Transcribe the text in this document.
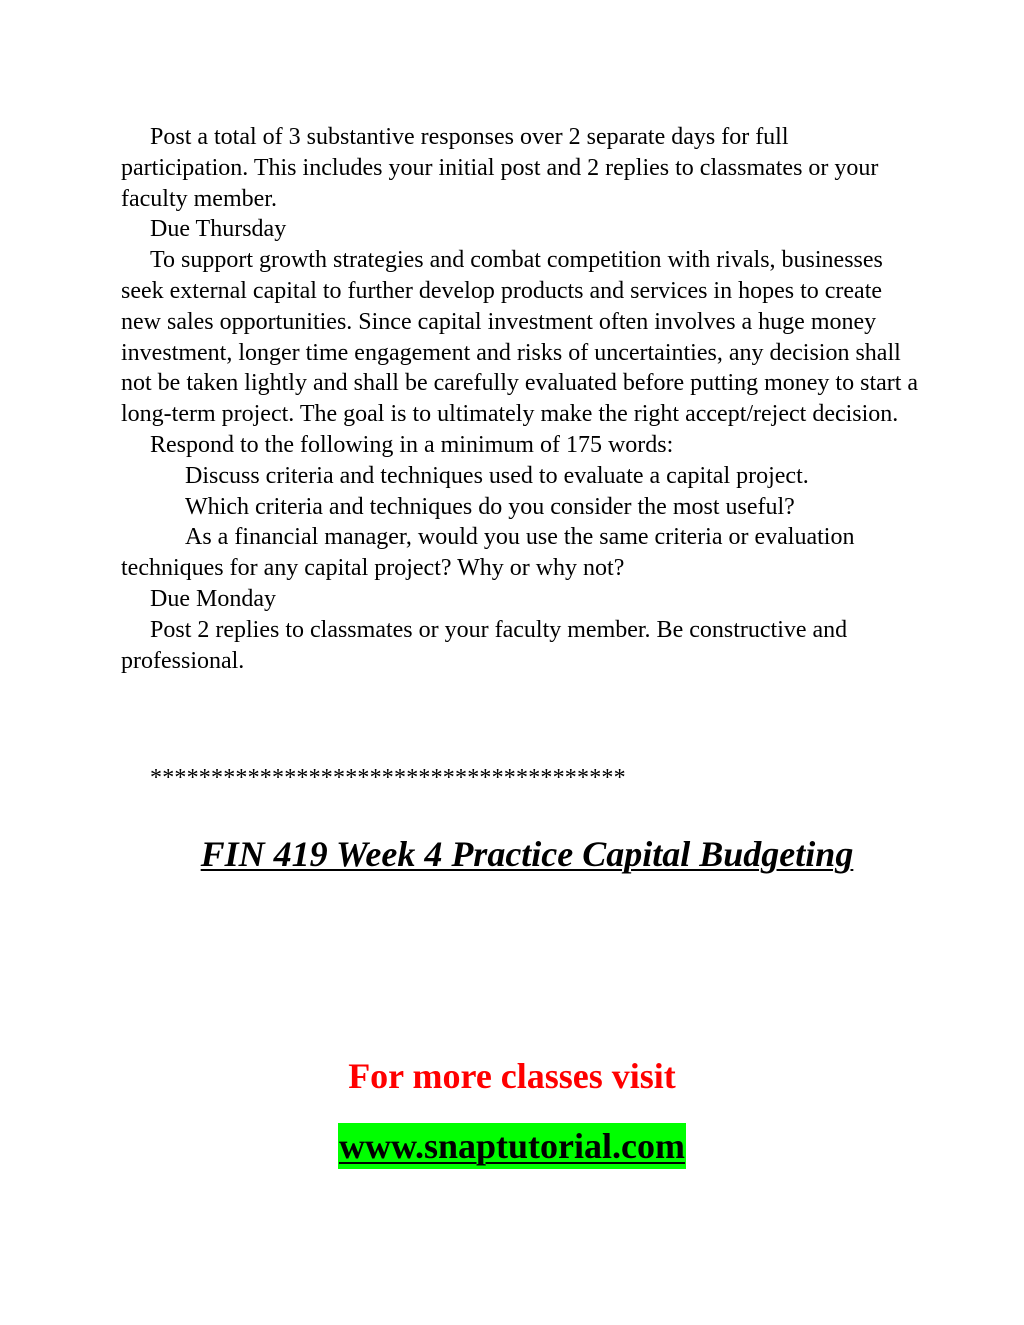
Post a total of 3 substantive responses over 2 separate days for full participation. This includes your initial post and 2 replies to classmates or your faculty member.

Due Thursday

To support growth strategies and combat competition with rivals, businesses seek external capital to further develop products and services in hopes to create new sales opportunities. Since capital investment often involves a huge money investment, longer time engagement and risks of uncertainties, any decision shall not be taken lightly and shall be carefully evaluated before putting money to start a long-term project. The goal is to ultimately make the right accept/reject decision.

Respond to the following in a minimum of 175 words:

Discuss criteria and techniques used to evaluate a capital project.

Which criteria and techniques do you consider the most useful?

As a financial manager, would you use the same criteria or evaluation techniques for any capital project? Why or why not?

Due Monday

Post 2 replies to classmates or your faculty member. Be constructive and professional.

***************************************
FIN 419 Week 4 Practice Capital Budgeting
For more classes visit
www.snaptutorial.com
